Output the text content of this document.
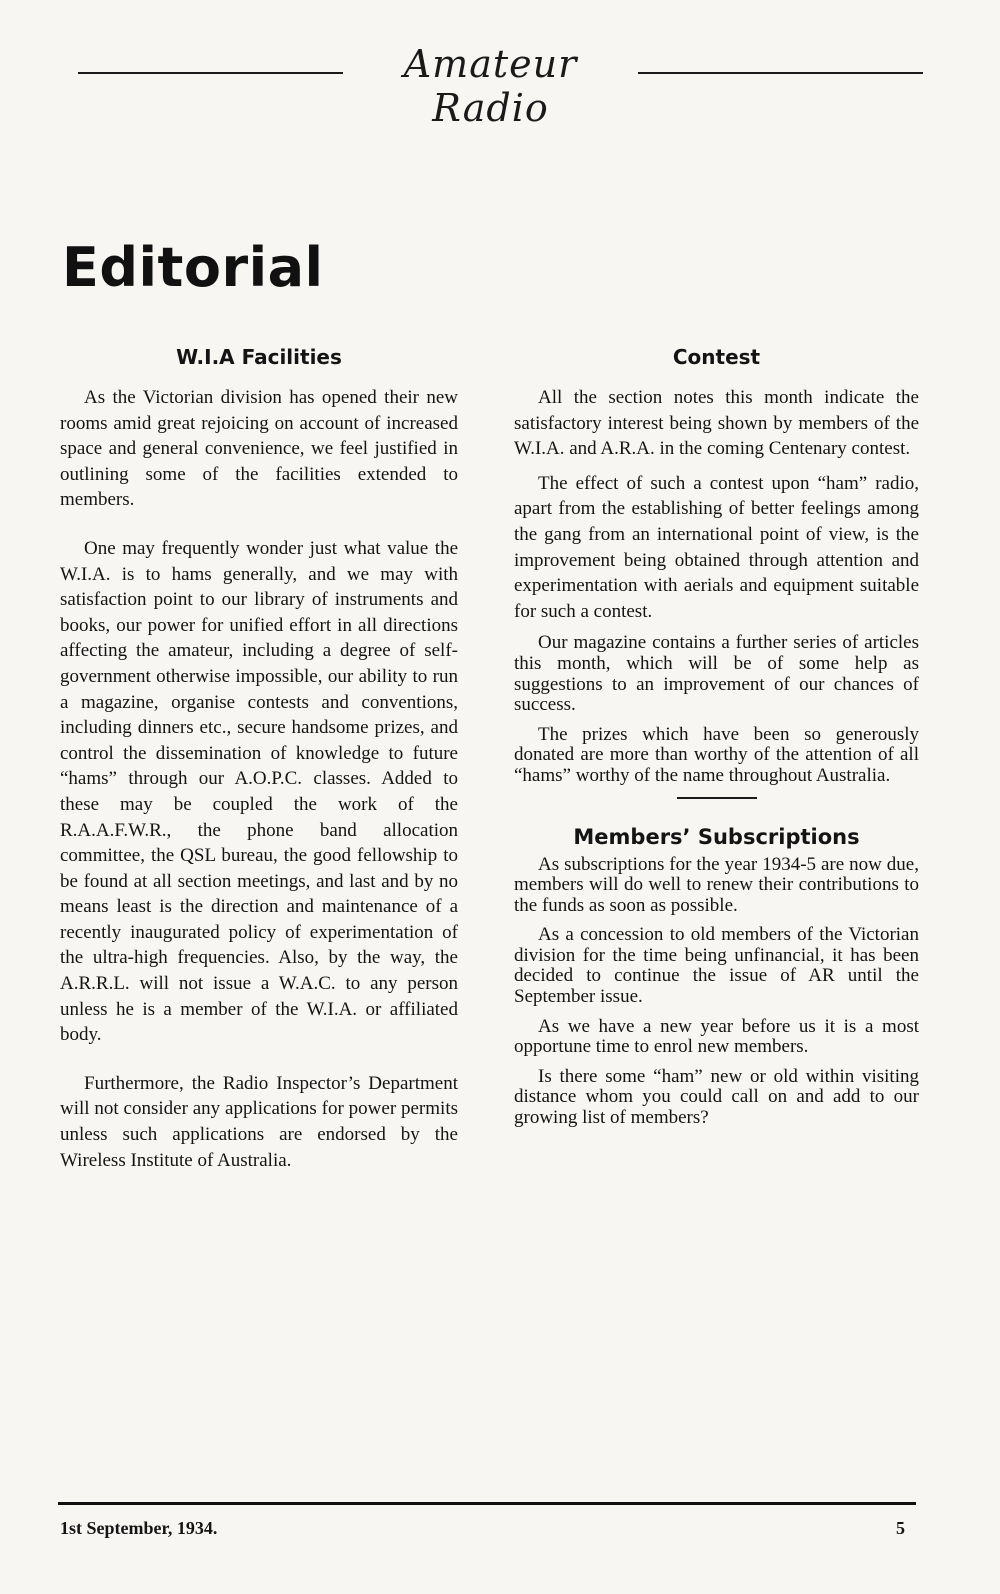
Amateur Radio
Editorial
W.I.A Facilities

As the Victorian division has opened their new rooms amid great rejoicing on account of increased space and general convenience, we feel justified in outlining some of the facilities extended to members.

One may frequently wonder just what value the W.I.A. is to hams generally, and we may with satisfaction point to our library of instruments and books, our power for unified effort in all directions affecting the amateur, including a degree of self-government otherwise impossible, our ability to run a magazine, organise contests and conventions, including dinners etc., secure handsome prizes, and control the dissemination of knowledge to future “hams” through our A.O.P.C. classes. Added to these may be coupled the work of the R.A.A.F.W.R., the phone band allocation committee, the QSL bureau, the good fellowship to be found at all section meetings, and last and by no means least is the direction and maintenance of a recently inaugurated policy of experimentation of the ultra-high frequencies. Also, by the way, the A.R.R.L. will not issue a W.A.C. to any person unless he is a member of the W.I.A. or affiliated body.

Furthermore, the Radio Inspector’s Department will not consider any applications for power permits unless such applications are endorsed by the Wireless Institute of Australia.

Contest

All the section notes this month indicate the satisfactory interest being shown by members of the W.I.A. and A.R.A. in the coming Centenary contest.

The effect of such a contest upon “ham” radio, apart from the establishing of better feelings among the gang from an international point of view, is the improvement being obtained through attention and experimentation with aerials and equipment suitable for such a contest.

Our magazine contains a further series of articles this month, which will be of some help as suggestions to an improvement of our chances of success.

The prizes which have been so generously donated are more than worthy of the attention of all “hams” worthy of the name throughout Australia.

Members’ Subscriptions

As subscriptions for the year 1934-5 are now due, members will do well to renew their contributions to the funds as soon as possible.

As a concession to old members of the Victorian division for the time being unfinancial, it has been decided to continue the issue of AR until the September issue.

As we have a new year before us it is a most opportune time to enrol new members.

Is there some “ham” new or old within visiting distance whom you could call on and add to our growing list of members?

1st September, 1934.	5
